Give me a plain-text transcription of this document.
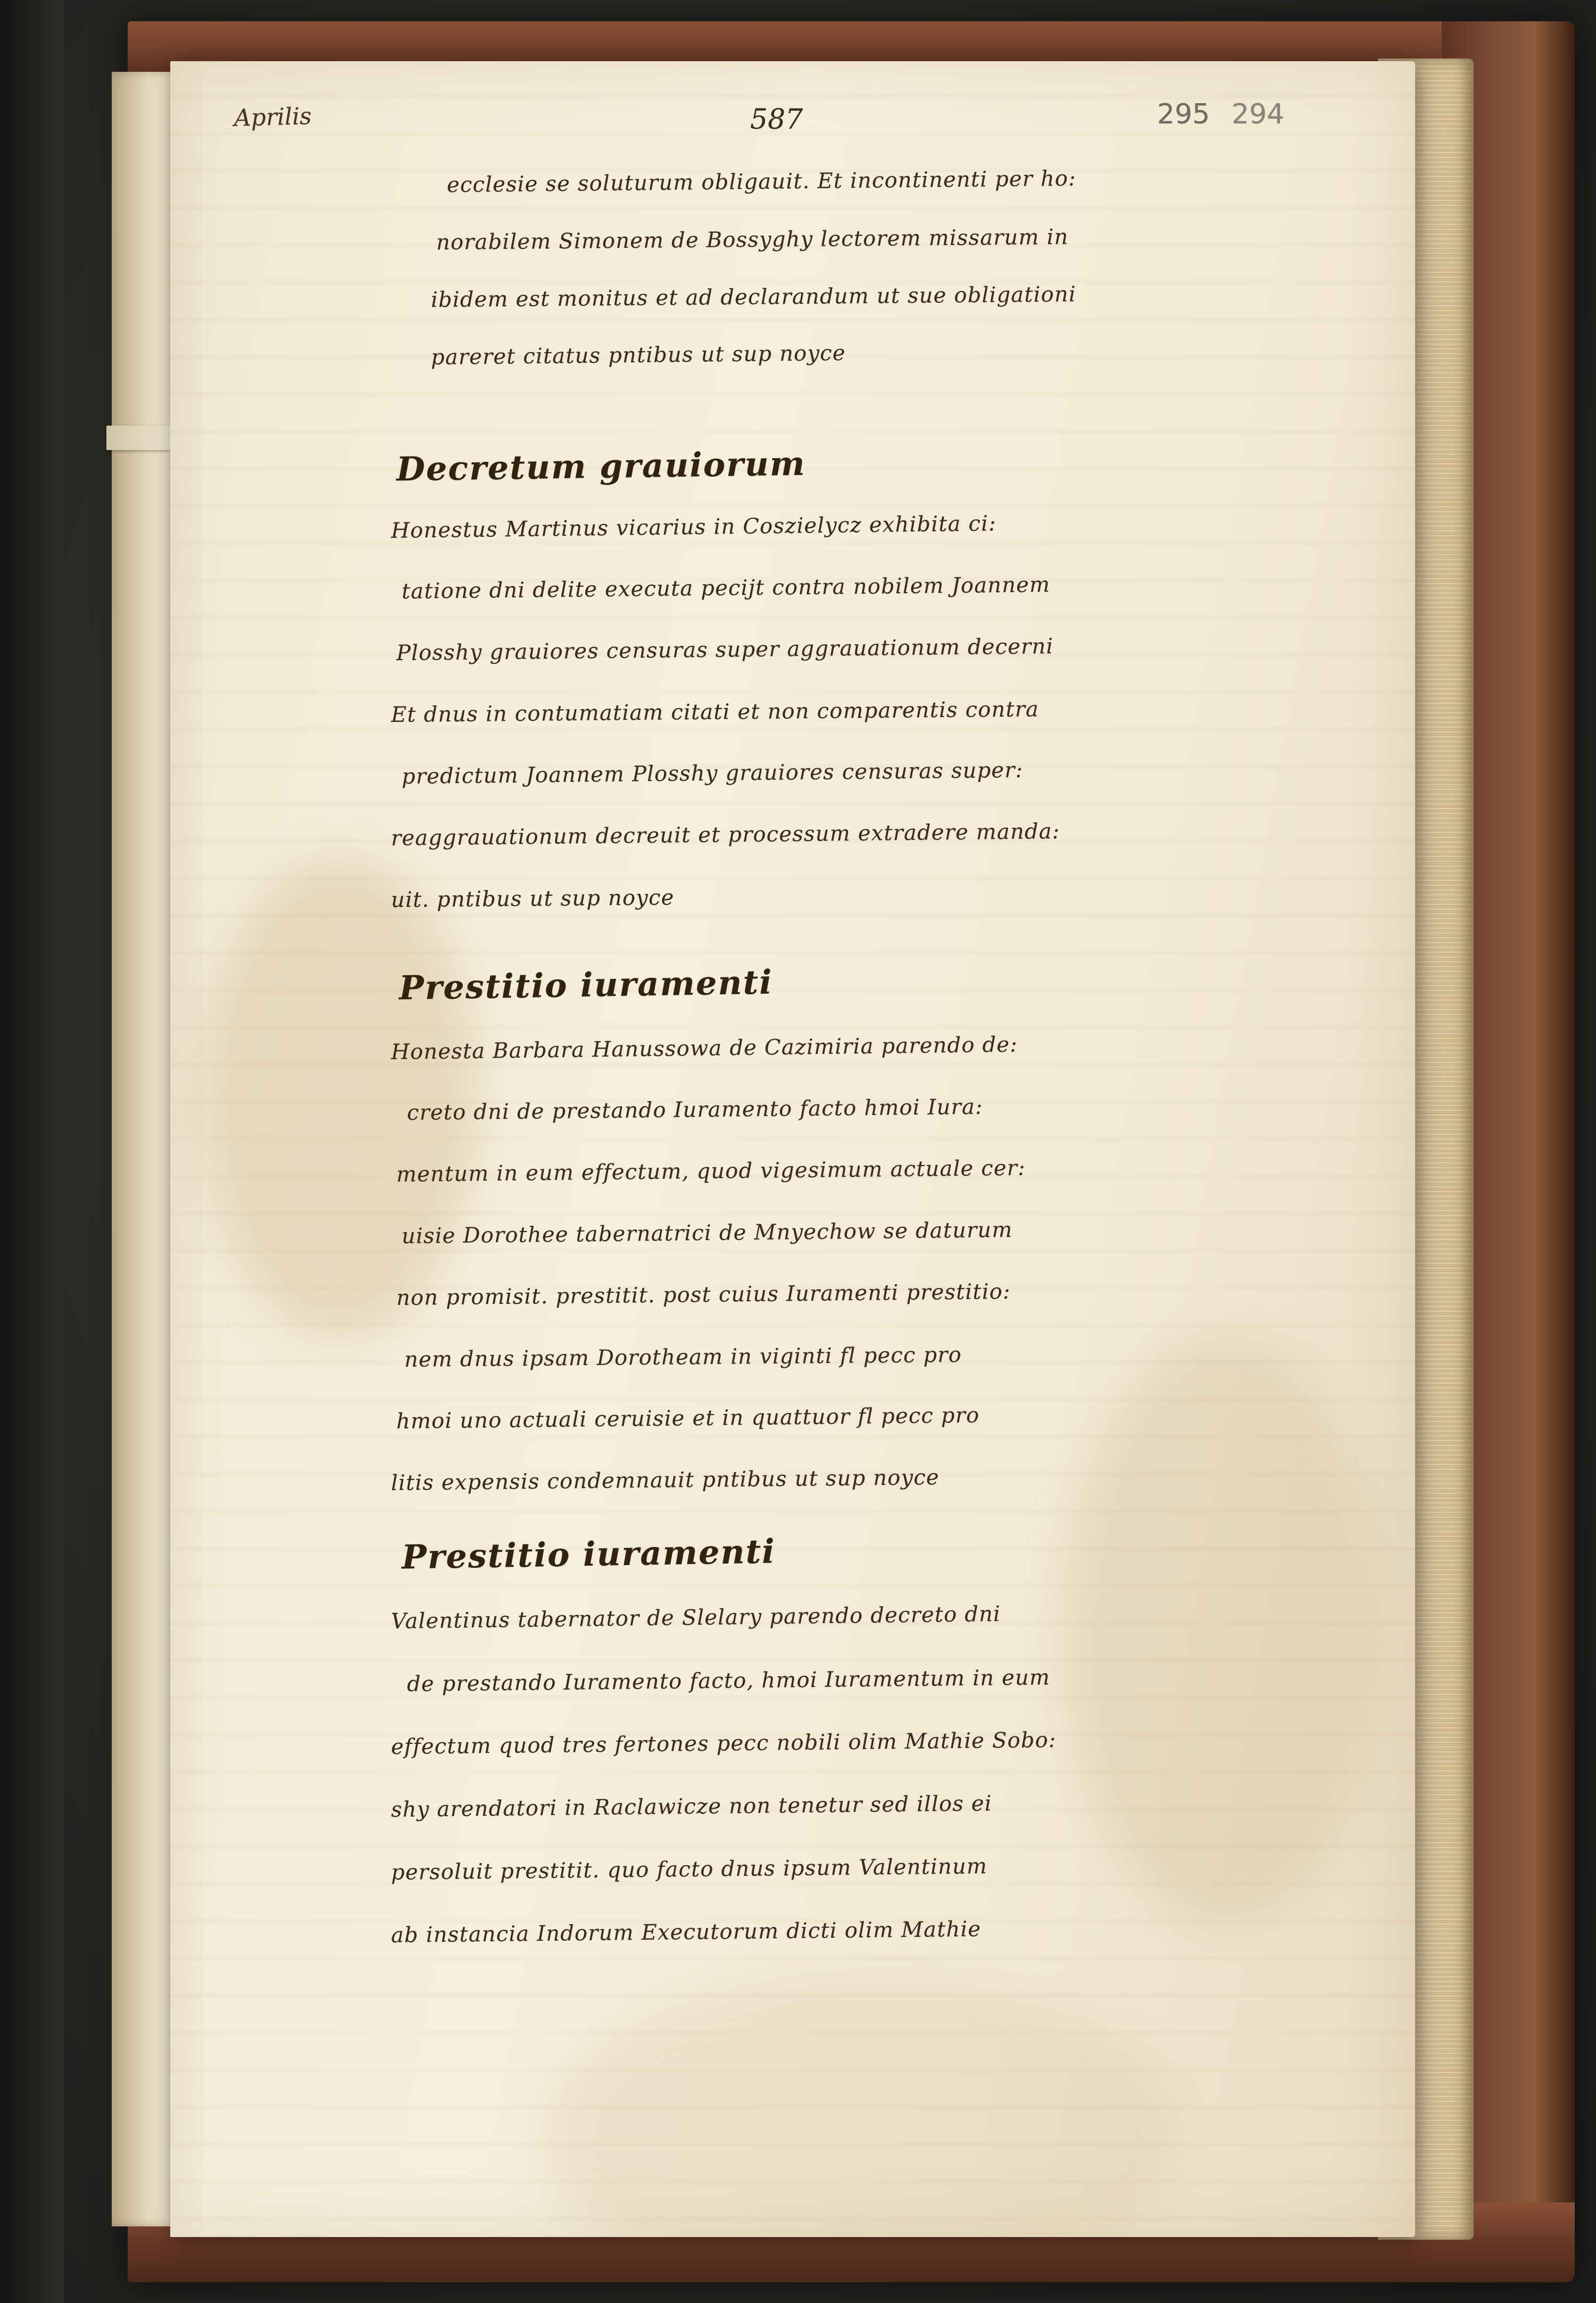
Aprilis	587	295 294
ecclesie se soluturum obligauit. Et incontinenti per ho:
norabilem Simonem de Bossyghy lectorem missarum in
ibidem est monitus et ad declarandum ut sue obligationi
pareret citatus pntibus ut sup noyce
Decretum grauiorum
Honestus Martinus vicarius in Coszielycz exhibita ci:
tatione dni delite executa pecijt contra nobilem Joannem
Plosshy grauiores censuras super aggrauationum decerni
Et dnus in contumatiam citati et non comparentis contra
predictum Joannem Plosshy grauiores censuras super:
reaggrauationum decreuit et processum extradere manda:
uit. pntibus ut sup noyce
Prestitio iuramenti
Honesta Barbara Hanussowa de Cazimiria parendo de:
creto dni de prestando Iuramento facto hmoi Iura:
mentum in eum effectum, quod vigesimum actuale cer:
uisie Dorothee tabernatrici de Mnyechow se daturum
non promisit. prestitit. post cuius Iuramenti prestitio:
nem dnus ipsam Dorotheam in viginti fl pecc pro
hmoi uno actuali ceruisie et in quattuor fl pecc pro
litis expensis condemnauit pntibus ut sup noyce
Prestitio iuramenti
Valentinus tabernator de Slelary parendo decreto dni
de prestando Iuramento facto, hmoi Iuramentum in eum
effectum quod tres fertones pecc nobili olim Mathie Sobo:
shy arendatori in Raclawicze non tenetur sed illos ei
persoluit prestitit. quo facto dnus ipsum Valentinum
ab instancia Indorum Executorum dicti olim Mathie
